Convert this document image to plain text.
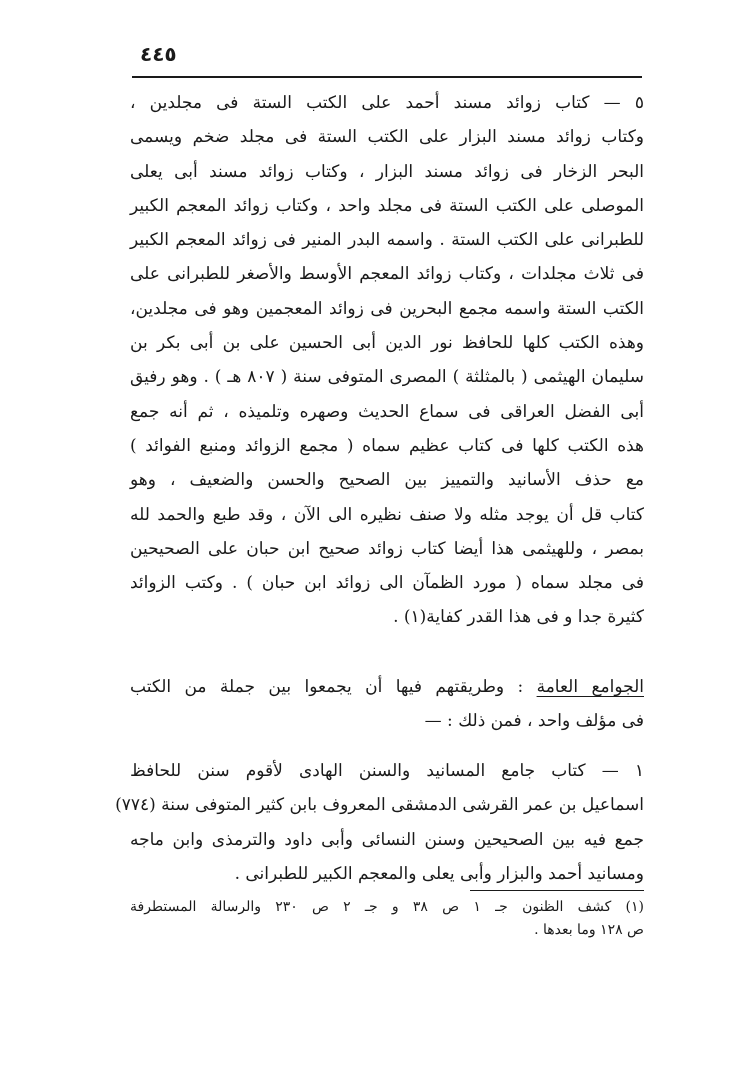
٤٤٥
٥ — كتاب زوائد مسند أحمد على الكتب الستة فى مجلدين ،
وكتاب زوائد مسند البزار على الكتب الستة فى مجلد ضخم ويسمى
البحر الزخار فى زوائد مسند البزار ، وكتاب زوائد مسند أبى يعلى
الموصلى على الكتب الستة فى مجلد واحد ، وكتاب زوائد المعجم الكبير
للطبرانى على الكتب الستة . واسمه البدر المنير فى زوائد المعجم الكبير
فى ثلاث مجلدات ، وكتاب زوائد المعجم الأوسط والأصغر للطبرانى على
الكتب الستة واسمه مجمع البحرين فى زوائد المعجمين وهو فى مجلدين،
وهذه الكتب كلها للحافظ نور الدين أبى الحسين على بن أبى بكر بن
سليمان الهيثمى ( بالمثلثة ) المصرى المتوفى سنة ( ٨٠٧ هـ ) . وهو رفيق
أبى الفضل العراقى فى سماع الحديث وصهره وتلميذه ، ثم أنه جمع
هذه الكتب كلها فى كتاب عظيم سماه ( مجمع الزوائد ومنبع الفوائد )
مع حذف الأسانيد والتمييز بين الصحيح والحسن والضعيف ، وهو
كتاب قل أن يوجد مثله ولا صنف نظيره الى الآن ، وقد طبع والحمد لله
بمصر ، وللهيثمى هذا أيضا كتاب زوائد صحيح ابن حبان على الصحيحين
فى مجلد سماه ( مورد الظمآن الى زوائد ابن حبان ) . وكتب الزوائد
كثيرة جدا و فى هذا القدر كفاية(١) .
الجوامع العامة : وطريقتهم فيها أن يجمعوا بين جملة من الكتب
فى مؤلف واحد ، فمن ذلك : —
١ — كتاب جامع المسانيد والسنن الهادى لأقوم سنن للحافظ
اسماعيل بن عمر القرشى الدمشقى المعروف بابن كثير المتوفى سنة (٧٧٤)
جمع فيه بين الصحيحين وسنن النسائى وأبى داود والترمذى وابن ماجه
ومسانيد أحمد والبزار وأبى يعلى والمعجم الكبير للطبرانى .
(١) كشف الظنون جـ ١ ص ٣٨ و جـ ٢ ص ٢٣٠ والرسالة المستطرفة
ص ١٢٨ وما بعدها .
